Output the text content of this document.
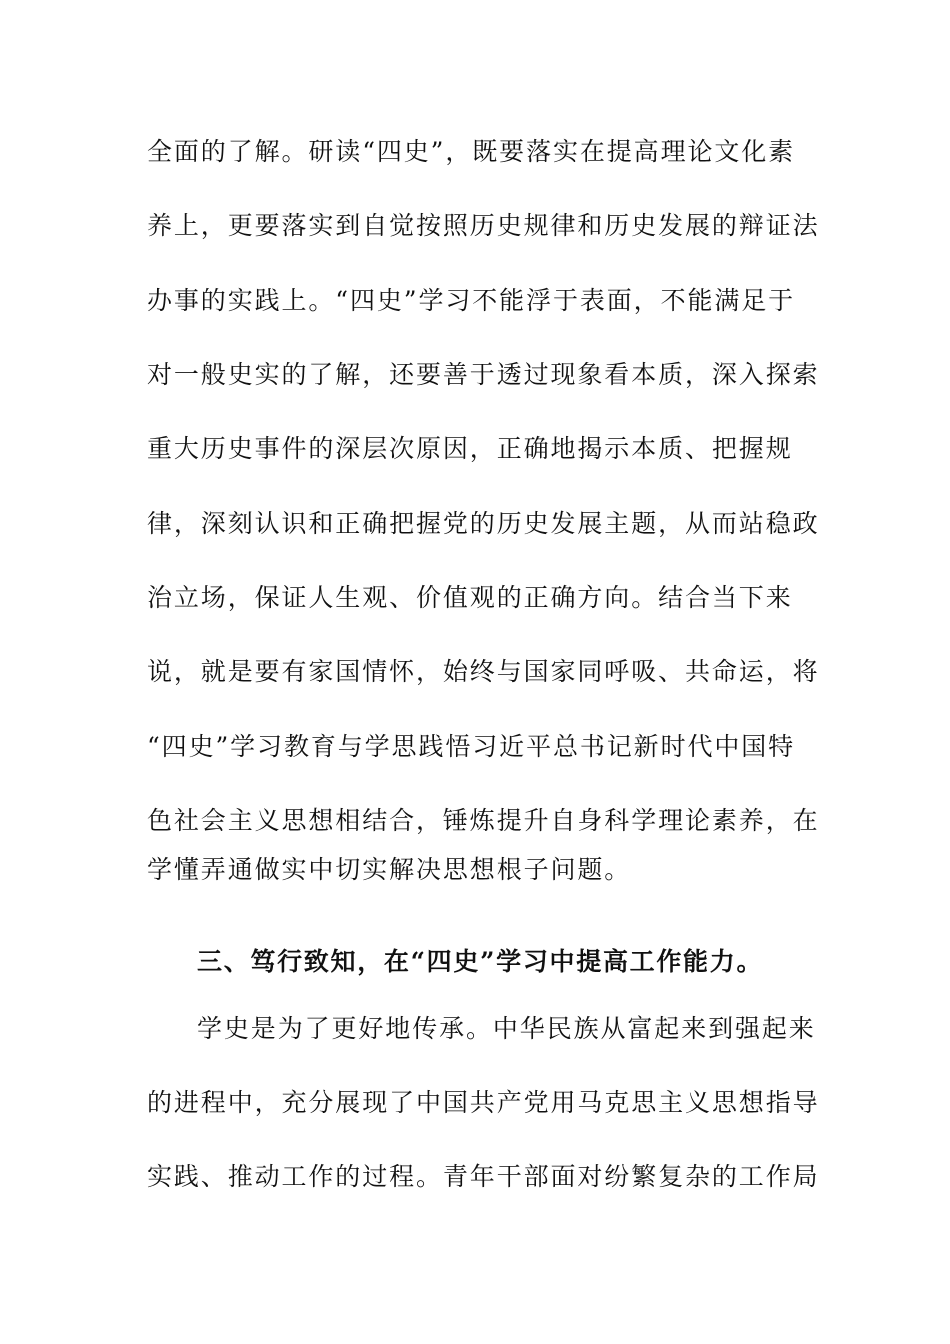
全面的了解。研读“四史”，既要落实在提高理论文化素
养上，更要落实到自觉按照历史规律和历史发展的辩证法
办事的实践上。“四史”学习不能浮于表面，不能满足于
对一般史实的了解，还要善于透过现象看本质，深入探索
重大历史事件的深层次原因，正确地揭示本质、把握规
律，深刻认识和正确把握党的历史发展主题，从而站稳政
治立场，保证人生观、价值观的正确方向。结合当下来
说，就是要有家国情怀，始终与国家同呼吸、共命运，将
“四史”学习教育与学思践悟习近平总书记新时代中国特
色社会主义思想相结合，锤炼提升自身科学理论素养，在
学懂弄通做实中切实解决思想根子问题。
三、笃行致知，在“四史”学习中提高工作能力。
学史是为了更好地传承。中华民族从富起来到强起来
的进程中，充分展现了中国共产党用马克思主义思想指导
实践、推动工作的过程。青年干部面对纷繁复杂的工作局
